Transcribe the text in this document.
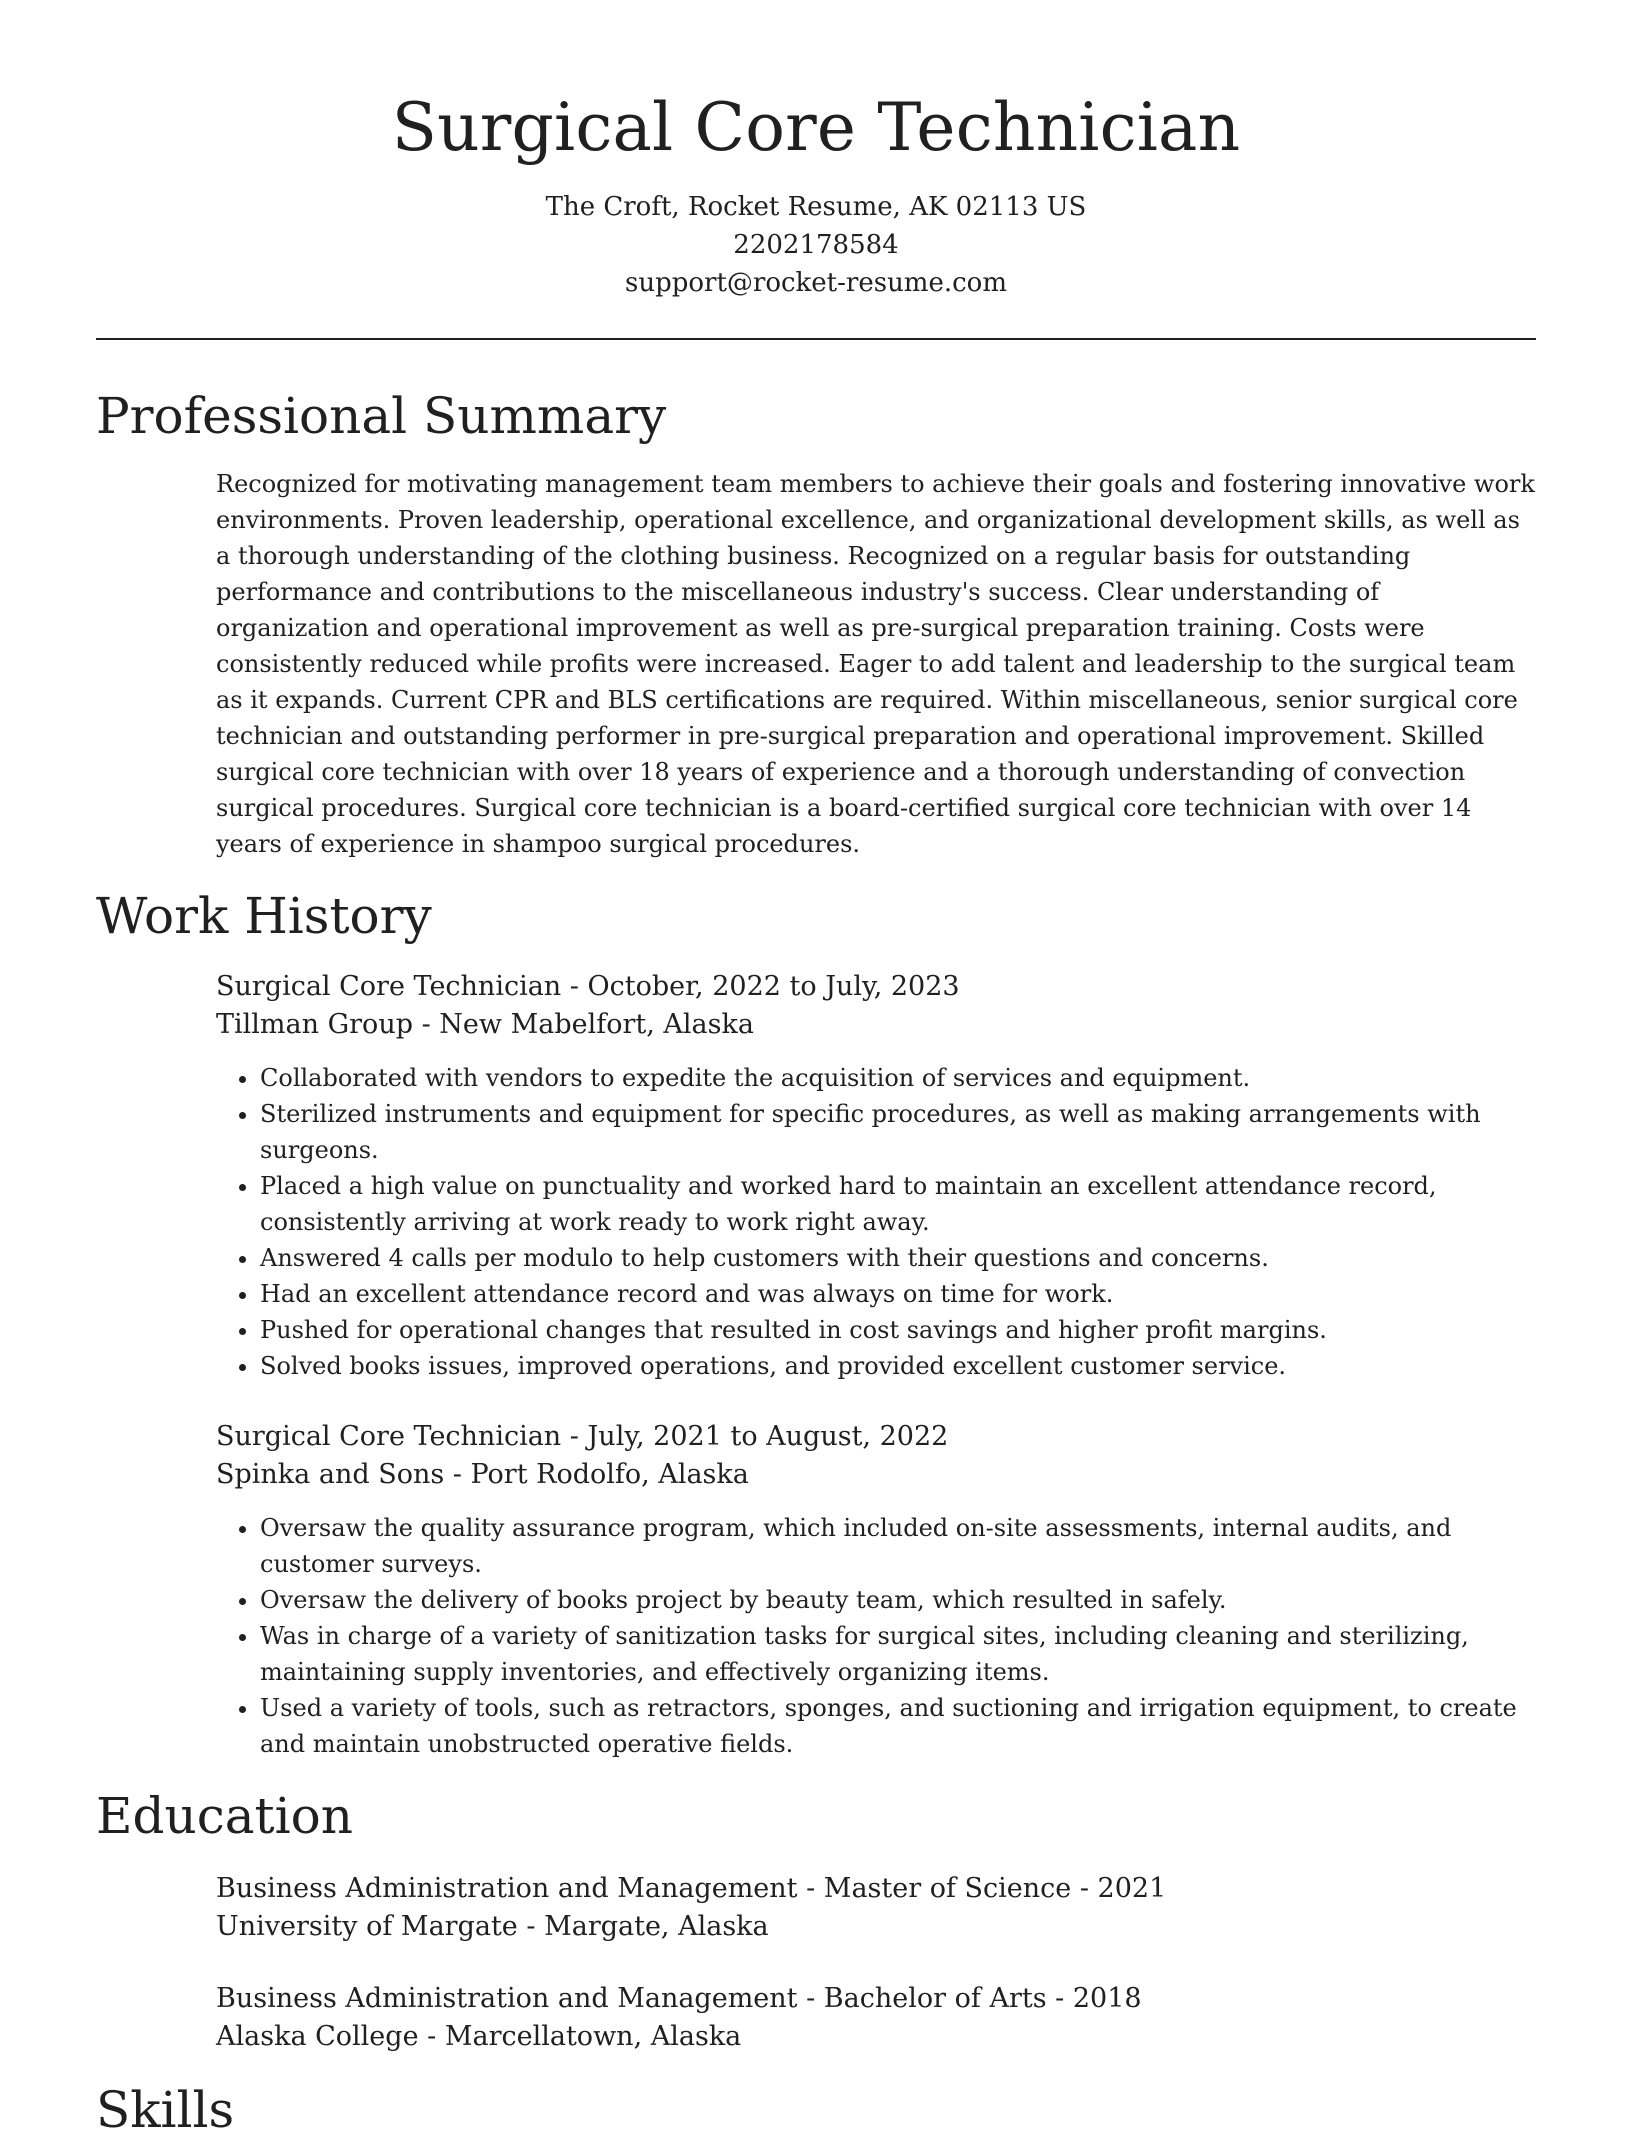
Surgical Core Technician

The Croft, Rocket Resume, AK 02113 US

2202178584

support@rocket-resume.com

Professional Summary

Recognized for motivating management team members to achieve their goals and fostering innovative work environments. Proven leadership, operational excellence, and organizational development skills, as well as a thorough understanding of the clothing business. Recognized on a regular basis for outstanding performance and contributions to the miscellaneous industry's success. Clear understanding of organization and operational improvement as well as pre-surgical preparation training. Costs were consistently reduced while profits were increased. Eager to add talent and leadership to the surgical team as it expands. Current CPR and BLS certifications are required. Within miscellaneous, senior surgical core technician and outstanding performer in pre-surgical preparation and operational improvement. Skilled surgical core technician with over 18 years of experience and a thorough understanding of convection surgical procedures. Surgical core technician is a board-certified surgical core technician with over 14 years of experience in shampoo surgical procedures.

Work History

Surgical Core Technician - October, 2022 to July, 2023

Tillman Group - New Mabelfort, Alaska

• Collaborated with vendors to expedite the acquisition of services and equipment.
• Sterilized instruments and equipment for specific procedures, as well as making arrangements with surgeons.
• Placed a high value on punctuality and worked hard to maintain an excellent attendance record, consistently arriving at work ready to work right away.
• Answered 4 calls per modulo to help customers with their questions and concerns.
• Had an excellent attendance record and was always on time for work.
• Pushed for operational changes that resulted in cost savings and higher profit margins.
• Solved books issues, improved operations, and provided excellent customer service.

Surgical Core Technician - July, 2021 to August, 2022

Spinka and Sons - Port Rodolfo, Alaska

• Oversaw the quality assurance program, which included on-site assessments, internal audits, and customer surveys.
• Oversaw the delivery of books project by beauty team, which resulted in safely.
• Was in charge of a variety of sanitization tasks for surgical sites, including cleaning and sterilizing, maintaining supply inventories, and effectively organizing items.
• Used a variety of tools, such as retractors, sponges, and suctioning and irrigation equipment, to create and maintain unobstructed operative fields.
Education

Business Administration and Management - Master of Science - 2021

University of Margate - Margate, Alaska

Business Administration and Management - Bachelor of Arts - 2018

Alaska College - Marcellatown, Alaska

Skills
